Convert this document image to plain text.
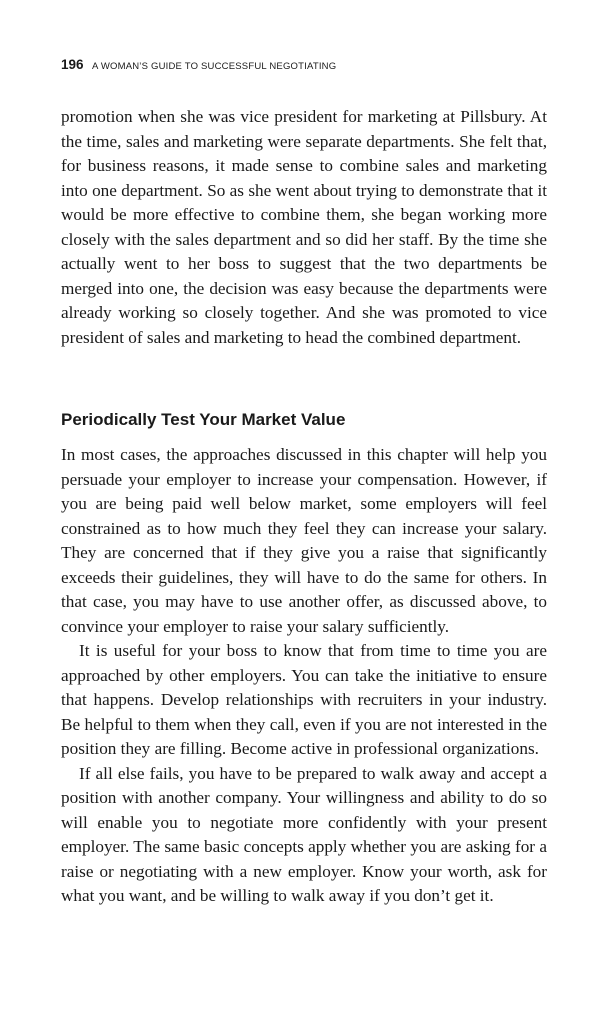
196 A WOMAN’S GUIDE TO SUCCESSFUL NEGOTIATING

promotion when she was vice president for marketing at Pillsbury. At the time, sales and marketing were separate departments. She felt that, for business reasons, it made sense to combine sales and marketing into one department. So as she went about trying to demonstrate that it would be more effective to combine them, she began working more closely with the sales department and so did her staff. By the time she actually went to her boss to suggest that the two departments be merged into one, the decision was easy because the departments were already working so closely together. And she was promoted to vice president of sales and marketing to head the combined department.

Periodically Test Your Market Value

In most cases, the approaches discussed in this chapter will help you persuade your employer to increase your compensation. However, if you are being paid well below market, some employers will feel constrained as to how much they feel they can increase your salary. They are concerned that if they give you a raise that significantly exceeds their guidelines, they will have to do the same for others. In that case, you may have to use another offer, as discussed above, to convince your employer to raise your salary sufficiently.

It is useful for your boss to know that from time to time you are approached by other employers. You can take the initiative to ensure that happens. Develop relationships with recruiters in your industry. Be helpful to them when they call, even if you are not interested in the position they are filling. Become active in professional organizations.

If all else fails, you have to be prepared to walk away and accept a position with another company. Your willingness and ability to do so will enable you to negotiate more confidently with your present employer. The same basic concepts apply whether you are asking for a raise or negotiating with a new employer. Know your worth, ask for what you want, and be willing to walk away if you don’t get it.
